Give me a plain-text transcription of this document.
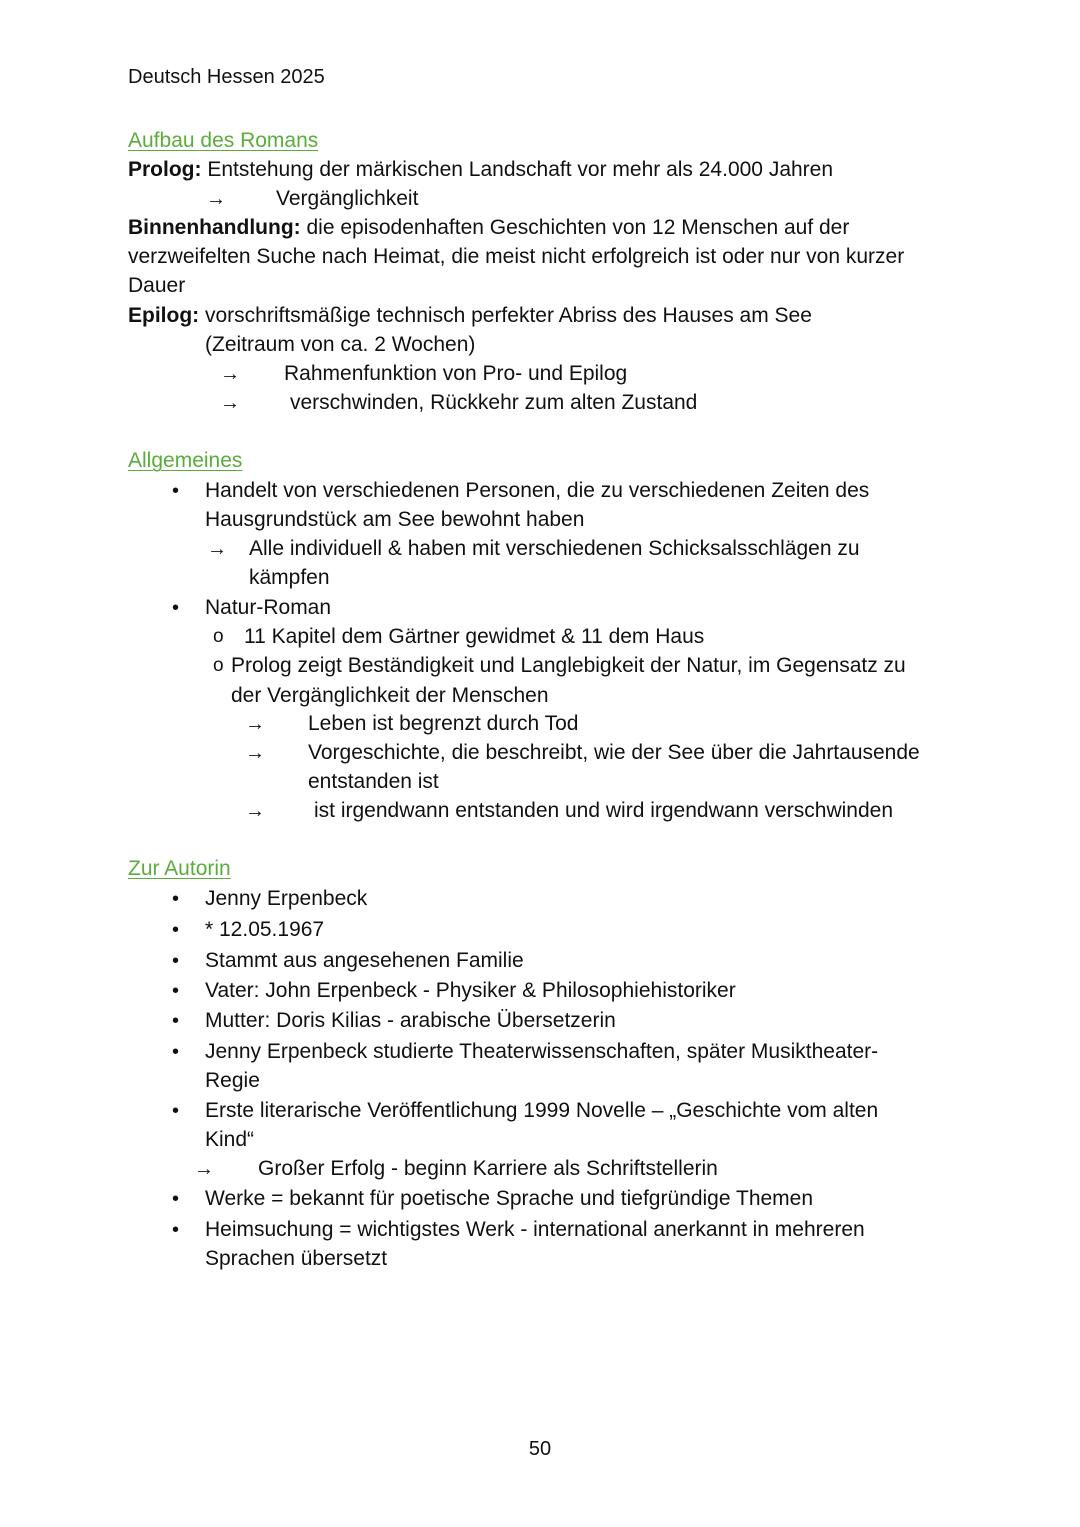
Deutsch Hessen 2025
Aufbau des Romans
Prolog: Entstehung der märkischen Landschaft vor mehr als 24.000 Jahren
→ Vergänglichkeit
Binnenhandlung: die episodenhaften Geschichten von 12 Menschen auf der
verzweifelten Suche nach Heimat, die meist nicht erfolgreich ist oder nur von kurzer
Dauer
Epilog: vorschriftsmäßige technisch perfekter Abriss des Hauses am See
(Zeitraum von ca. 2 Wochen)
→ Rahmenfunktion von Pro- und Epilog
→ verschwinden, Rückkehr zum alten Zustand
Allgemeines
• Handelt von verschiedenen Personen, die zu verschiedenen Zeiten des
Hausgrundstück am See bewohnt haben
→ Alle individuell & haben mit verschiedenen Schicksalsschlägen zu
kämpfen
• Natur-Roman
o 11 Kapitel dem Gärtner gewidmet & 11 dem Haus
o Prolog zeigt Beständigkeit und Langlebigkeit der Natur, im Gegensatz zu
der Vergänglichkeit der Menschen
→ Leben ist begrenzt durch Tod
→ Vorgeschichte, die beschreibt, wie der See über die Jahrtausende
entstanden ist
→ ist irgendwann entstanden und wird irgendwann verschwinden
Zur Autorin
• Jenny Erpenbeck
• * 12.05.1967
• Stammt aus angesehenen Familie
• Vater: John Erpenbeck - Physiker & Philosophiehistoriker
• Mutter: Doris Kilias - arabische Übersetzerin
• Jenny Erpenbeck studierte Theaterwissenschaften, später Musiktheater-
Regie
• Erste literarische Veröffentlichung 1999 Novelle – „Geschichte vom alten
Kind“
→ Großer Erfolg - beginn Karriere als Schriftstellerin
• Werke = bekannt für poetische Sprache und tiefgründige Themen
• Heimsuchung = wichtigstes Werk - international anerkannt in mehreren
Sprachen übersetzt
50
